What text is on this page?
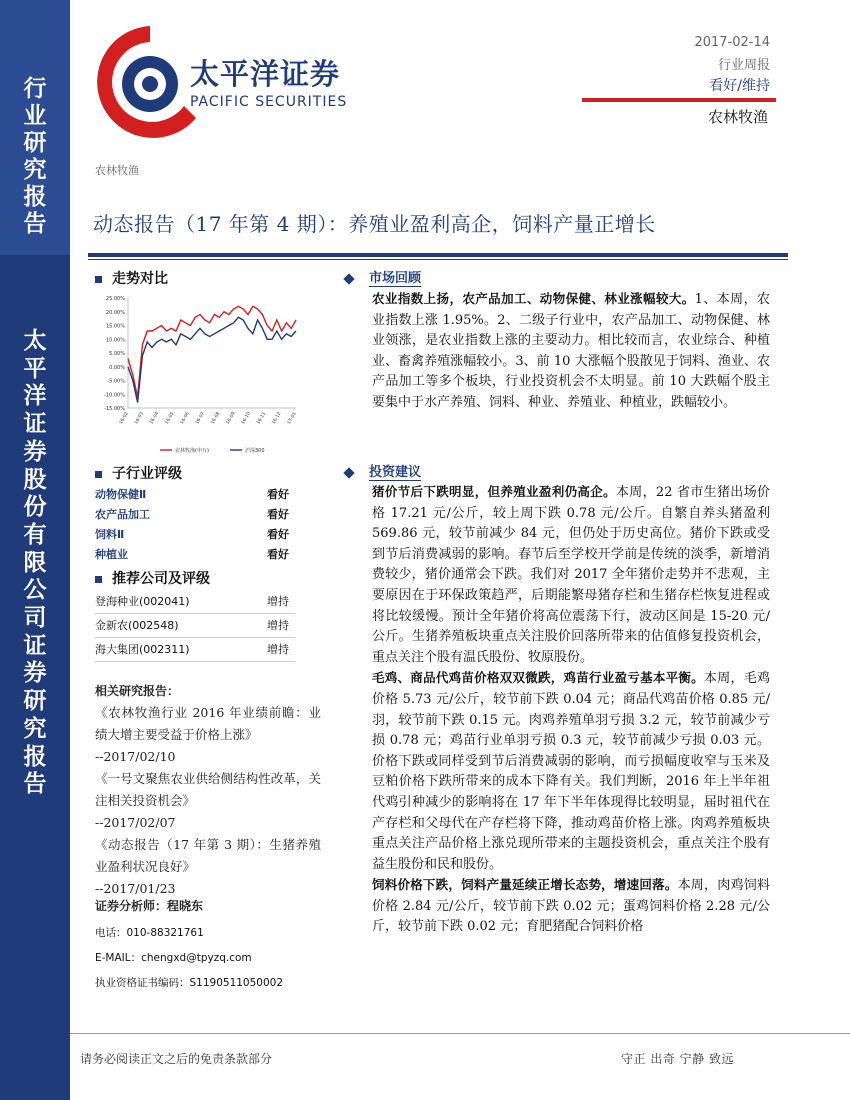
行
业
研
究
报
告
太
平
洋
证
券
股
份
有
限
公
司
证
券
研
究
报
告
太平洋证券
PACIFIC SECURITIES
2017-02-14
行业周报
看好/维持
农林牧渔
农林牧渔
动态报告（17 年第 4 期）：养殖业盈利高企，饲料产量正增长
走势对比
25.00%
20.00%
15.00%
10.00%
5.00%
0.00%
-5.00%
-10.00%
-15.00%
16-02 16-03 16-04 16-05 16-06 16-07 16-08 16-09 16-10 16-11 16-12 17-01
农林牧渔(申万)	沪深300
子行业评级
动物保健Ⅱ	看好
农产品加工	看好
饲料Ⅱ	看好
种植业	看好
推荐公司及评级
登海种业(002041)	增持
金新农(002548)	增持
海大集团(002311)	增持
相关研究报告：
《农林牧渔行业 2016 年业绩前瞻：业绩大增主要受益于价格上涨》
--2017/02/10
《一号文聚焦农业供给侧结构性改革，关注相关投资机会》
--2017/02/07
《动态报告（17 年第 3 期）：生猪养殖业盈利状况良好》
--2017/01/23
证券分析师：程晓东
电话：010-88321761
E-MAIL：chengxd@tpyzq.com
执业资格证书编码：S1190511050002
市场回顾
农业指数上扬，农产品加工、动物保健、林业涨幅较大。1、本周，农业指数上涨 1.95%。2、二级子行业中，农产品加工、动物保健、林业领涨，是农业指数上涨的主要动力。相比较而言，农业综合、种植业、畜禽养殖涨幅较小。3、前 10 大涨幅个股散见于饲料、渔业、农产品加工等多个板块，行业投资机会不太明显。前 10 大跌幅个股主要集中于水产养殖、饲料、种业、养殖业、种植业，跌幅较小。
投资建议

猪价节后下跌明显，但养殖业盈利仍高企。本周，22 省市生猪出场价格 17.21 元/公斤，较上周下跌 0.78 元/公斤。自繁自养头猪盈利 569.86 元，较节前减少 84 元，但仍处于历史高位。猪价下跌或受到节后消费减弱的影响。春节后至学校开学前是传统的淡季，新增消费较少，猪价通常会下跌。我们对 2017 全年猪价走势并不悲观，主要原因在于环保政策趋严，后期能繁母猪存栏和生猪存栏恢复进程或将比较缓慢。预计全年猪价将高位震荡下行，波动区间是 15-20 元/公斤。生猪养殖板块重点关注股价回落所带来的估值修复投资机会，重点关注个股有温氏股份、牧原股份。

毛鸡、商品代鸡苗价格双双微跌，鸡苗行业盈亏基本平衡。本周，毛鸡价格 5.73 元/公斤，较节前下跌 0.04 元；商品代鸡苗价格 0.85 元/羽，较节前下跌 0.15 元。肉鸡养殖单羽亏损 3.2 元，较节前减少亏损 0.78 元；鸡苗行业单羽亏损 0.3 元，较节前减少亏损 0.03 元。价格下跌或同样受到节后消费减弱的影响，而亏损幅度收窄与玉米及豆粕价格下跌所带来的成本下降有关。我们判断，2016 年上半年祖代鸡引种减少的影响将在 17 年下半年体现得比较明显，届时祖代在产存栏和父母代在产存栏将下降，推动鸡苗价格上涨。肉鸡养殖板块重点关注产品价格上涨兑现所带来的主题投资机会，重点关注个股有益生股份和民和股份。

饲料价格下跌，饲料产量延续正增长态势，增速回落。本周，肉鸡饲料价格 2.84 元/公斤，较节前下跌 0.02 元；蛋鸡饲料价格 2.28 元/公斤，较节前下跌 0.02 元；育肥猪配合饲料价格

请务必阅读正文之后的免责条款部分	守正 出奇 宁静 致远
